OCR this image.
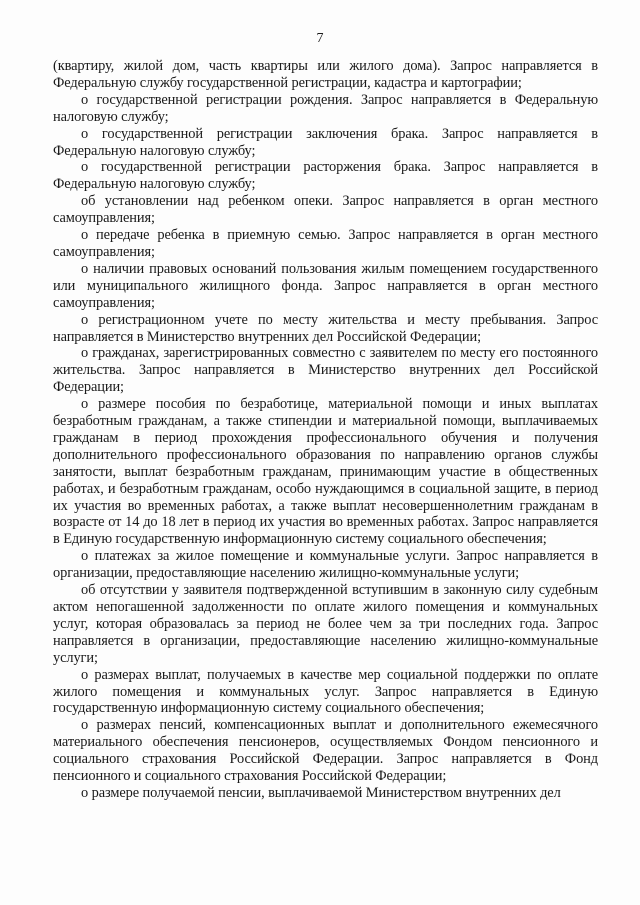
7

(квартиру, жилой дом, часть квартиры или жилого дома). Запрос направляется в Федеральную службу государственной регистрации, кадастра и картографии;

о государственной регистрации рождения. Запрос направляется в Федеральную налоговую службу;

о государственной регистрации заключения брака. Запрос направляется в Федеральную налоговую службу;

о государственной регистрации расторжения брака. Запрос направляется в Федеральную налоговую службу;

об установлении над ребенком опеки. Запрос направляется в орган местного самоуправления;

о передаче ребенка в приемную семью. Запрос направляется в орган местного самоуправления;

о наличии правовых оснований пользования жилым помещением государственного или муниципального жилищного фонда. Запрос направляется в орган местного самоуправления;

о регистрационном учете по месту жительства и месту пребывания. Запрос направляется в Министерство внутренних дел Российской Федерации;

о гражданах, зарегистрированных совместно с заявителем по месту его постоянного жительства. Запрос направляется в Министерство внутренних дел Российской Федерации;

о размере пособия по безработице, материальной помощи и иных выплатах безработным гражданам, а также стипендии и материальной помощи, выплачиваемых гражданам в период прохождения профессионального обучения и получения дополнительного профессионального образования по направлению органов службы занятости, выплат безработным гражданам, принимающим участие в общественных работах, и безработным гражданам, особо нуждающимся в социальной защите, в период их участия во временных работах, а также выплат несовершеннолетним гражданам в возрасте от 14 до 18 лет в период их участия во временных работах. Запрос направляется в Единую государственную информационную систему социального обеспечения;

о платежах за жилое помещение и коммунальные услуги. Запрос направляется в организации, предоставляющие населению жилищно-коммунальные услуги;

об отсутствии у заявителя подтвержденной вступившим в законную силу судебным актом непогашенной задолженности по оплате жилого помещения и коммунальных услуг, которая образовалась за период не более чем за три последних года. Запрос направляется в организации, предоставляющие населению жилищно-коммунальные услуги;

о размерах выплат, получаемых в качестве мер социальной поддержки по оплате жилого помещения и коммунальных услуг. Запрос направляется в Единую государственную информационную систему социального обеспечения;

о размерах пенсий, компенсационных выплат и дополнительного ежемесячного материального обеспечения пенсионеров, осуществляемых Фондом пенсионного и социального страхования Российской Федерации. Запрос направляется в Фонд пенсионного и социального страхования Российской Федерации;

о размере получаемой пенсии, выплачиваемой Министерством внутренних дел
